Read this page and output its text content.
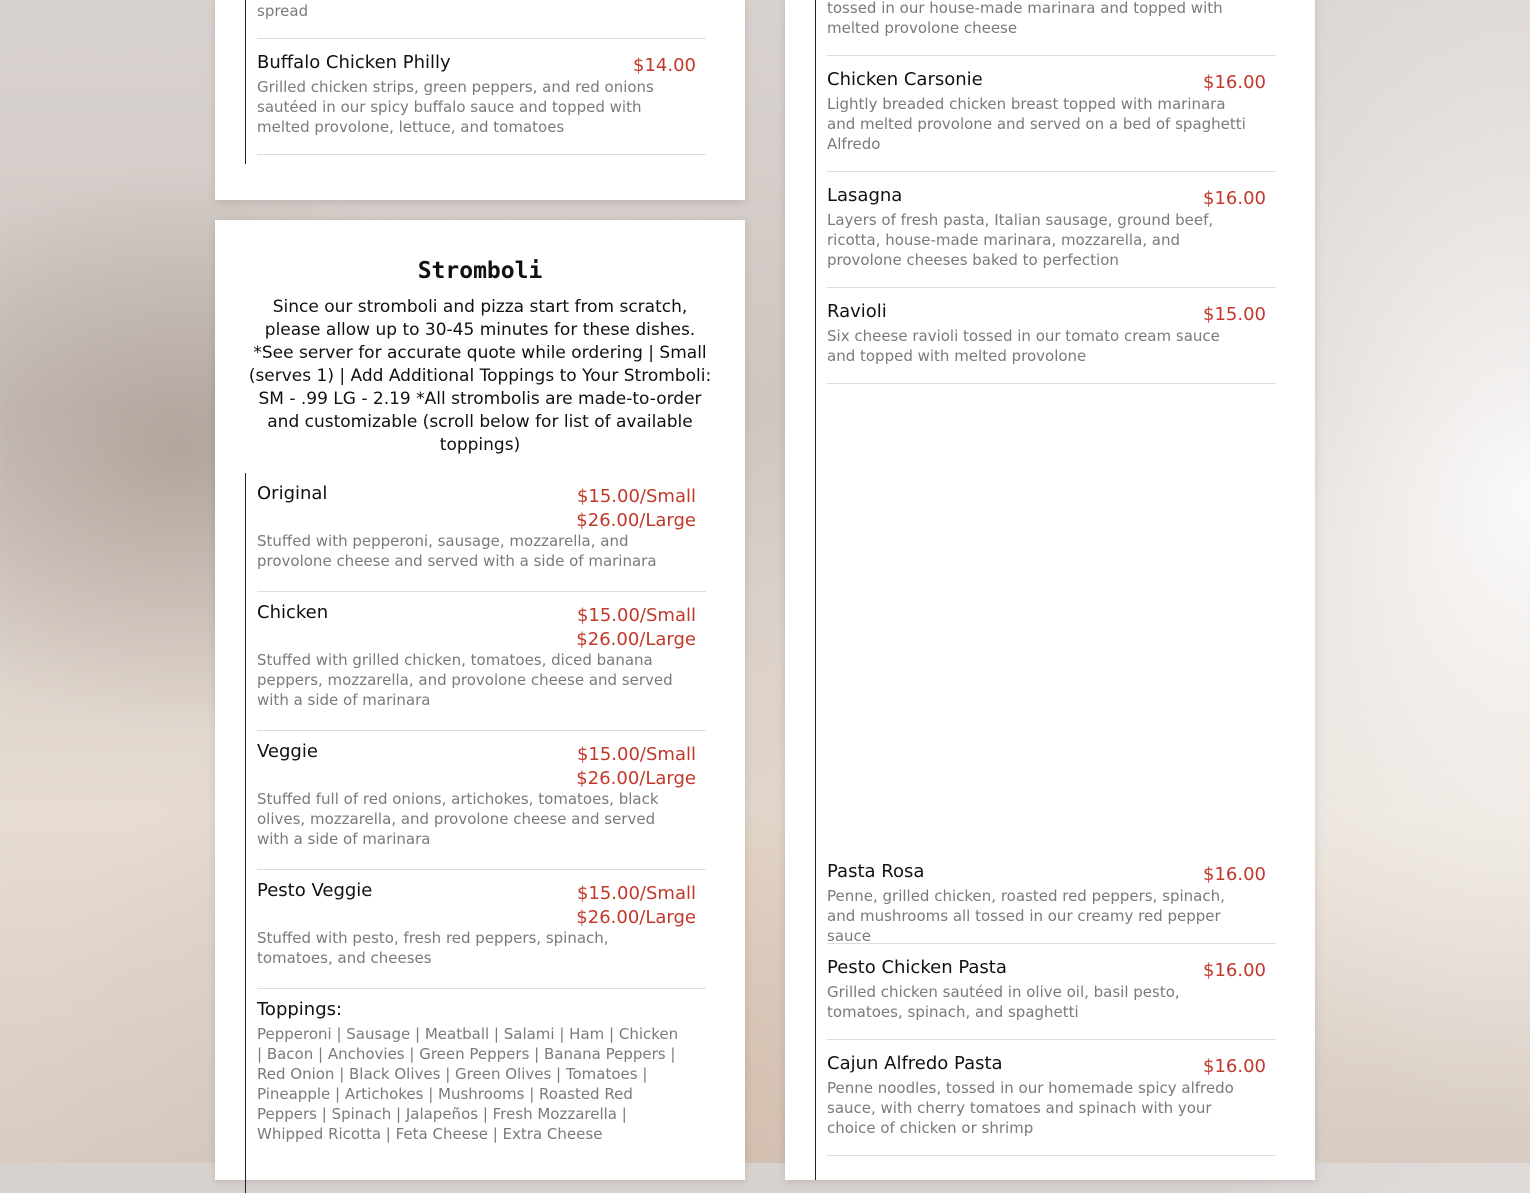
spread
Buffalo Chicken Philly	$14.00
Grilled chicken strips, green peppers, and red onions sautéed in our spicy buffalo sauce and topped with melted provolone, lettuce, and tomatoes
Stromboli
Since our stromboli and pizza start from scratch, please allow up to 30-45 minutes for these dishes. *See server for accurate quote while ordering | Small (serves 1) | Add Additional Toppings to Your Stromboli: SM - .99 LG - 2.19 *All strombolis are made-to-order and customizable (scroll below for list of available toppings)
Original	$15.00/Small
$26.00/Large
Stuffed with pepperoni, sausage, mozzarella, and provolone cheese and served with a side of marinara
Chicken	$15.00/Small
$26.00/Large
Stuffed with grilled chicken, tomatoes, diced banana peppers, mozzarella, and provolone cheese and served with a side of marinara
Veggie	$15.00/Small
$26.00/Large
Stuffed full of red onions, artichokes, tomatoes, black olives, mozzarella, and provolone cheese and served with a side of marinara
Pesto Veggie	$15.00/Small
$26.00/Large
Stuffed with pesto, fresh red peppers, spinach, tomatoes, and cheeses
Toppings:
Pepperoni | Sausage | Meatball | Salami | Ham | Chicken | Bacon | Anchovies | Green Peppers | Banana Peppers | Red Onion | Black Olives | Green Olives | Tomatoes | Pineapple | Artichokes | Mushrooms | Roasted Red Peppers | Spinach | Jalapeños | Fresh Mozzarella | Whipped Ricotta | Feta Cheese | Extra Cheese
tossed in our house-made marinara and topped with melted provolone cheese
Chicken Carsonie	$16.00
Lightly breaded chicken breast topped with marinara and melted provolone and served on a bed of spaghetti Alfredo
Lasagna	$16.00
Layers of fresh pasta, Italian sausage, ground beef, ricotta, house-made marinara, mozzarella, and provolone cheeses baked to perfection
Ravioli	$15.00
Six cheese ravioli tossed in our tomato cream sauce and topped with melted provolone
Pasta Rosa	$16.00
Penne, grilled chicken, roasted red peppers, spinach, and mushrooms all tossed in our creamy red pepper sauce
Pesto Chicken Pasta	$16.00
Grilled chicken sautéed in olive oil, basil pesto, tomatoes, spinach, and spaghetti
Cajun Alfredo Pasta	$16.00
Penne noodles, tossed in our homemade spicy alfredo sauce, with cherry tomatoes and spinach with your choice of chicken or shrimp
